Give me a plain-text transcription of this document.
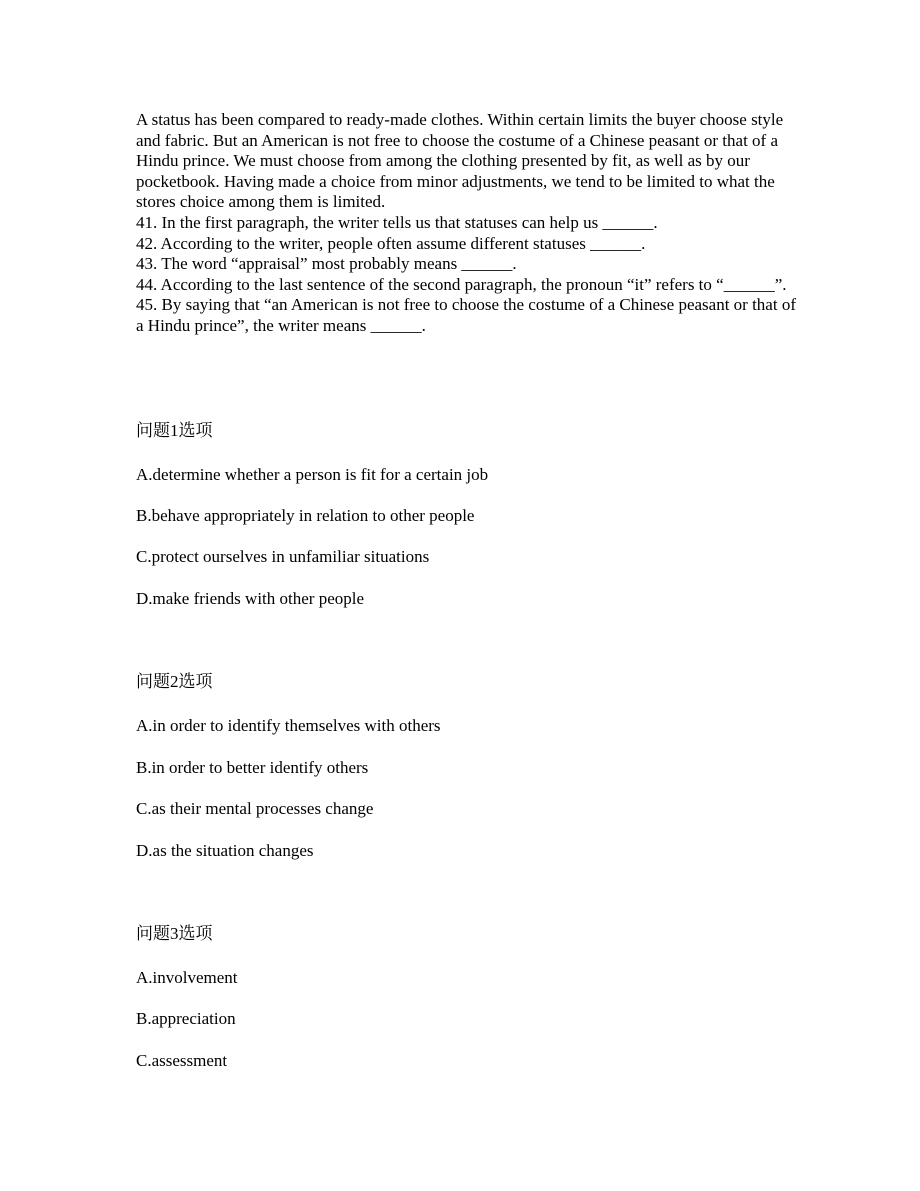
A status has been compared to ready-made clothes. Within certain limits the buyer choose style and fabric. But an American is not free to choose the costume of a Chinese peasant or that of a Hindu prince. We must choose from among the clothing presented by fit, as well as by our pocketbook. Having made a choice from minor adjustments, we tend to be limited to what the stores choice among them is limited.

41. In the first paragraph, the writer tells us that statuses can help us ______.

42. According to the writer, people often assume different statuses ______.

43. The word “appraisal” most probably means ______.

44. According to the last sentence of the second paragraph, the pronoun “it” refers to “______”.

45. By saying that “an American is not free to choose the costume of a Chinese peasant or that of a Hindu prince”, the writer means ______.

问题1选项
A.determine whether a person is fit for a certain job
B.behave appropriately in relation to other people
C.protect ourselves in unfamiliar situations
D.make friends with other people
问题2选项
A.in order to identify themselves with others
B.in order to better identify others
C.as their mental processes change
D.as the situation changes
问题3选项
A.involvement
B.appreciation
C.assessment
